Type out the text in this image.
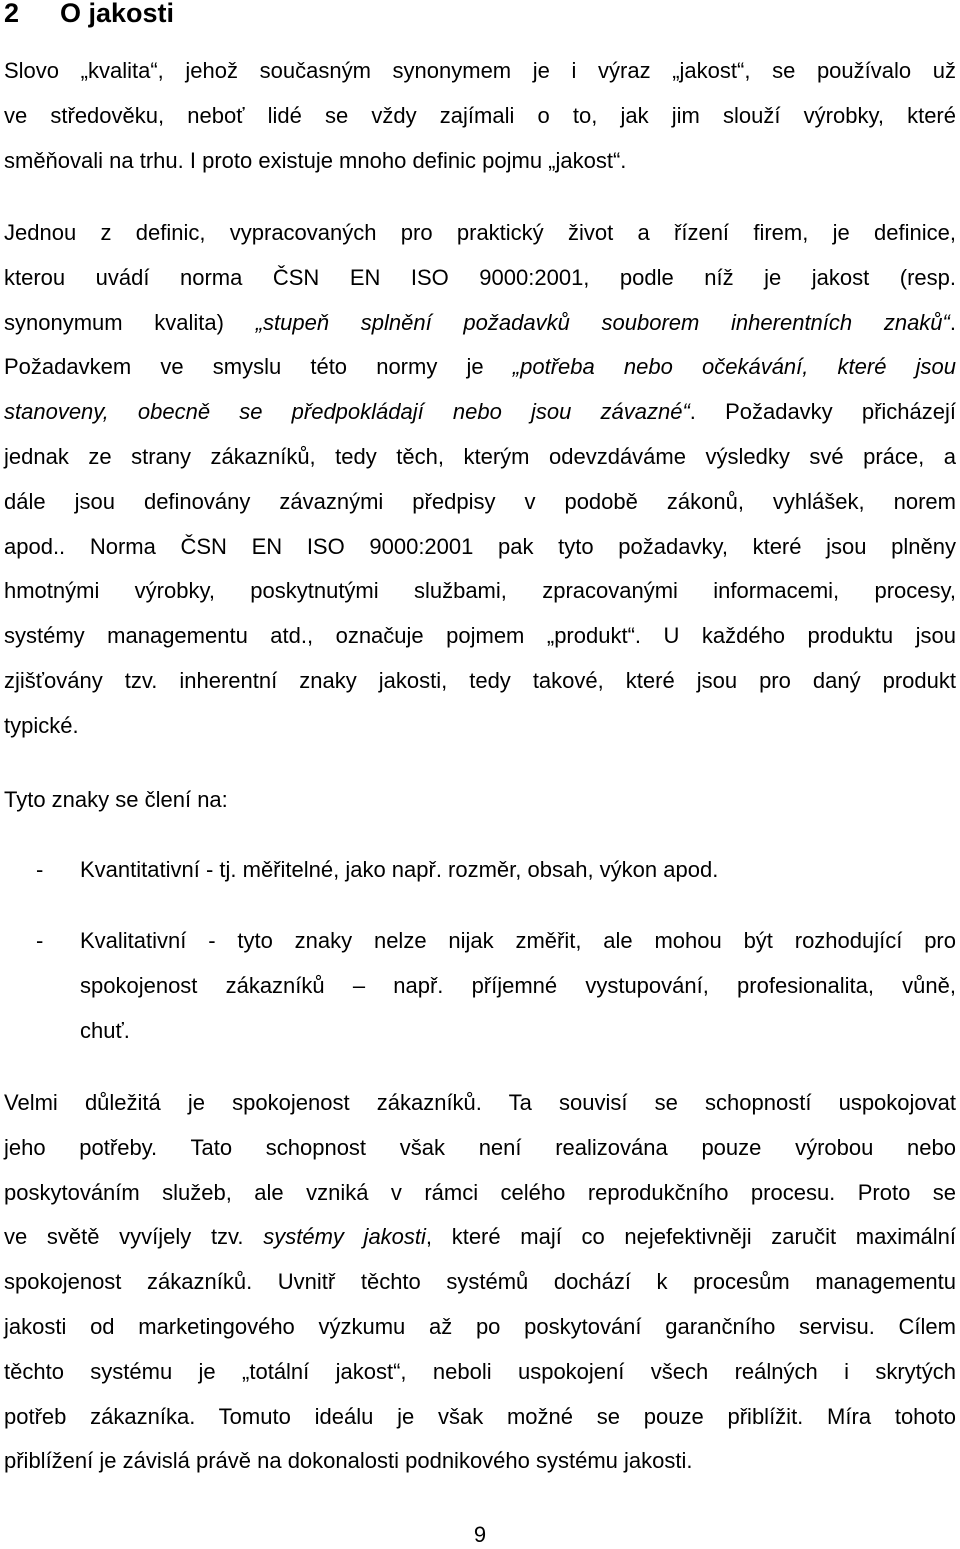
2 O jakosti
Slovo „kvalita“, jehož současným synonymem je i výraz „jakost“, se používalo už
ve středověku, neboť lidé se vždy zajímali o to, jak jim slouží výrobky, které
směňovali na trhu. I proto existuje mnoho definic pojmu „jakost“.
Jednou z definic, vypracovaných pro praktický život a řízení firem, je definice,
kterou uvádí norma ČSN EN ISO 9000:2001, podle níž je jakost (resp.
synonymum kvalita) „stupeň splnění požadavků souborem inherentních znaků“.
Požadavkem ve smyslu této normy je „potřeba nebo očekávání, které jsou
stanoveny, obecně se předpokládají nebo jsou závazné“. Požadavky přicházejí
jednak ze strany zákazníků, tedy těch, kterým odevzdáváme výsledky své práce, a
dále jsou definovány závaznými předpisy v podobě zákonů, vyhlášek, norem
apod.. Norma ČSN EN ISO 9000:2001 pak tyto požadavky, které jsou plněny
hmotnými výrobky, poskytnutými službami, zpracovanými informacemi, procesy,
systémy managementu atd., označuje pojmem „produkt“. U každého produktu jsou
zjišťovány tzv. inherentní znaky jakosti, tedy takové, které jsou pro daný produkt
typické.
Tyto znaky se člení na:
- Kvantitativní - tj. měřitelné, jako např. rozměr, obsah, výkon apod.
- Kvalitativní - tyto znaky nelze nijak změřit, ale mohou být rozhodující pro
spokojenost zákazníků – např. příjemné vystupování, profesionalita, vůně,
chuť.
Velmi důležitá je spokojenost zákazníků. Ta souvisí se schopností uspokojovat
jeho potřeby. Tato schopnost však není realizována pouze výrobou nebo
poskytováním služeb, ale vzniká v rámci celého reprodukčního procesu. Proto se
ve světě vyvíjely tzv. systémy jakosti, které mají co nejefektivněji zaručit maximální
spokojenost zákazníků. Uvnitř těchto systémů dochází k procesům managementu
jakosti od marketingového výzkumu až po poskytování garančního servisu. Cílem
těchto systému je „totální jakost“, neboli uspokojení všech reálných i skrytých
potřeb zákazníka. Tomuto ideálu je však možné se pouze přiblížit. Míra tohoto
přiblížení je závislá právě na dokonalosti podnikového systému jakosti.
9
